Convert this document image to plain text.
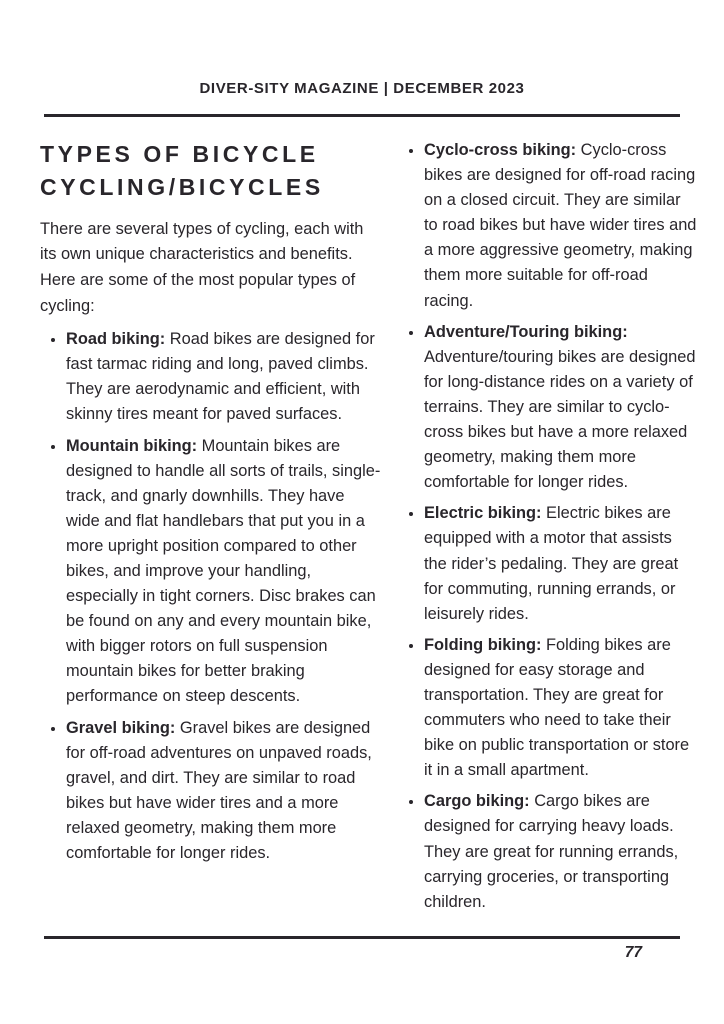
DIVER-SITY MAGAZINE | DECEMBER 2023
TYPES OF BICYCLE CYCLING/BICYCLES

There are several types of cycling, each with its own unique characteristics and benefits. Here are some of the most popular types of cycling:

• Road biking: Road bikes are designed for fast tarmac riding and long, paved climbs. They are aerodynamic and efficient, with skinny tires meant for paved surfaces.
• Mountain biking: Mountain bikes are designed to handle all sorts of trails, single-track, and gnarly downhills. They have wide and flat handlebars that put you in a more upright position compared to other bikes, and improve your handling, especially in tight corners. Disc brakes can be found on any and every mountain bike, with bigger rotors on full suspension mountain bikes for better braking performance on steep descents.
• Gravel biking: Gravel bikes are designed for off-road adventures on unpaved roads, gravel, and dirt. They are similar to road bikes but have wider tires and a more relaxed geometry, making them more comfortable for longer rides.
• Cyclo-cross biking: Cyclo-cross bikes are designed for off-road racing on a closed circuit. They are similar to road bikes but have wider tires and a more aggressive geometry, making them more suitable for off-road racing.
• Adventure/Touring biking: Adventure/touring bikes are designed for long-distance rides on a variety of terrains. They are similar to cyclo-cross bikes but have a more relaxed geometry, making them more comfortable for longer rides.
• Electric biking: Electric bikes are equipped with a motor that assists the rider’s pedaling. They are great for commuting, running errands, or leisurely rides.
• Folding biking: Folding bikes are designed for easy storage and transportation. They are great for commuters who need to take their bike on public transportation or store it in a small apartment.
• Cargo biking: Cargo bikes are designed for carrying heavy loads. They are great for running errands, carrying groceries, or transporting children.
77
